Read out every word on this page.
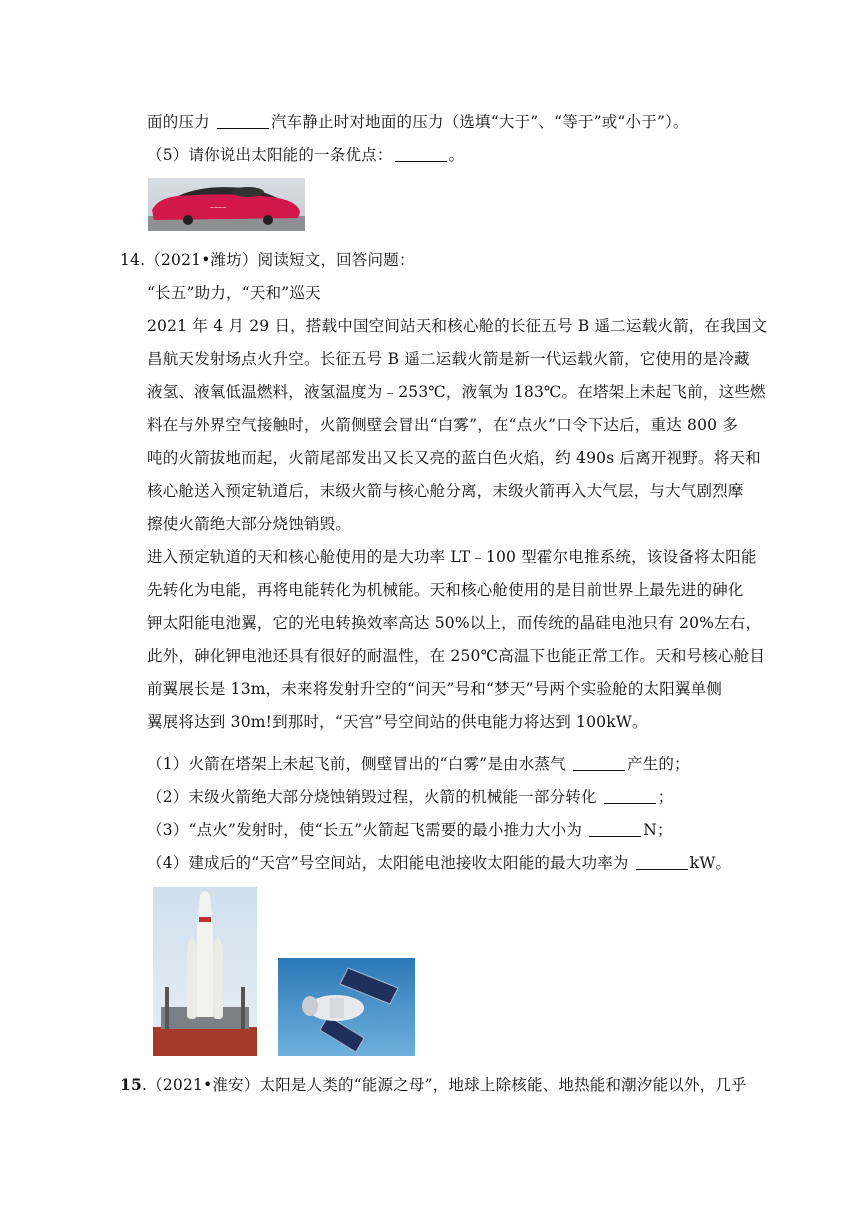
面的压力	汽车静止时对地面的压力（选填“大于”、“等于”或“小于”）。
（5）请你说出太阳能的一条优点：	。
~~~~
14.（2021•潍坊）阅读短文，回答问题：
“长五”助力，“天和”巡天
2021 年 4 月 29 日，搭载中国空间站天和核心舱的长征五号 B 遥二运载火箭，在我国文
昌航天发射场点火升空。长征五号 B 遥二运载火箭是新一代运载火箭，它使用的是冷藏
液氢、液氧低温燃料，液氢温度为﹣253℃，液氧为 183℃。在塔架上未起飞前，这些燃
料在与外界空气接触时，火箭侧壁会冒出“白雾”，在“点火”口令下达后，重达 800 多
吨的火箭拔地而起，火箭尾部发出又长又亮的蓝白色火焰，约 490s 后离开视野。将天和
核心舱送入预定轨道后，末级火箭与核心舱分离，末级火箭再入大气层，与大气剧烈摩
擦使火箭绝大部分烧蚀销毁。
进入预定轨道的天和核心舱使用的是大功率 LT﹣100 型霍尔电推系统，该设备将太阳能
先转化为电能，再将电能转化为机械能。天和核心舱使用的是目前世界上最先进的砷化
钾太阳能电池翼，它的光电转换效率高达 50%以上，而传统的晶硅电池只有 20%左右，
此外，砷化钾电池还具有很好的耐温性，在 250℃高温下也能正常工作。天和号核心舱目
前翼展长是 13m，未来将发射升空的“问天”号和“梦天”号两个实验舱的太阳翼单侧
翼展将达到 30m!到那时，“天宫”号空间站的供电能力将达到 100kW。
（1）火箭在塔架上未起飞前，侧壁冒出的“白雾”是由水蒸气	产生的；
（2）末级火箭绝大部分烧蚀销毁过程，火箭的机械能一部分转化	；
（3）“点火”发射时，使“长五”火箭起飞需要的最小推力大小为	N；
（4）建成后的“天宫”号空间站，太阳能电池接收太阳能的最大功率为	kW。
15.（2021•淮安）太阳是人类的“能源之母”，地球上除核能、地热能和潮汐能以外，几乎
